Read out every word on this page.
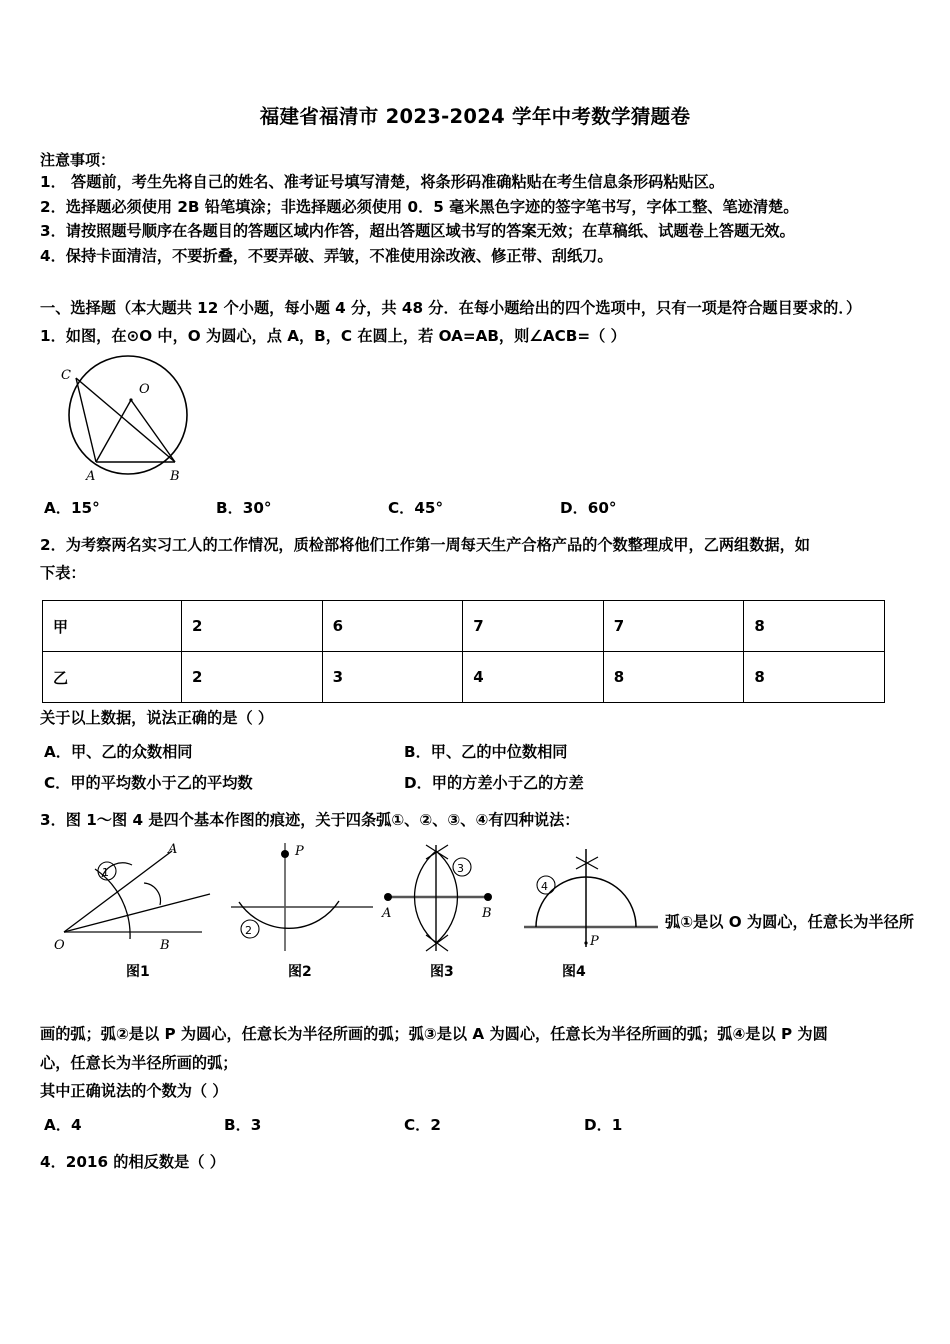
福建省福清市 2023-2024 学年中考数学猜题卷
注意事项：
1． 答题前，考生先将自己的姓名、准考证号填写清楚，将条形码准确粘贴在考生信息条形码粘贴区。
2．选择题必须使用 2B 铅笔填涂；非选择题必须使用 0．5 毫米黑色字迹的签字笔书写，字体工整、笔迹清楚。
3．请按照题号顺序在各题目的答题区域内作答，超出答题区域书写的答案无效；在草稿纸、试题卷上答题无效。
4．保持卡面清洁，不要折叠，不要弄破、弄皱，不准使用涂改液、修正带、刮纸刀。
一、选择题（本大题共 12 个小题，每小题 4 分，共 48 分．在每小题给出的四个选项中，只有一项是符合题目要求的．）
1．如图，在⊙O 中，O 为圆心，点 A，B，C 在圆上，若 OA=AB，则∠ACB=（ ）
C
O
A	B
A．15°	B．30°	C．45°	D．60°
2．为考察两名实习工人的工作情况，质检部将他们工作第一周每天生产合格产品的个数整理成甲，乙两组数据，如
下表：
甲	2	6	7	7	8
乙	2	3	4	8	8
关于以上数据，说法正确的是（ ）
A．甲、乙的众数相同	B．甲、乙的中位数相同
C．甲的平均数小于乙的平均数	D．甲的方差小于乙的方差
3．图 1～图 4 是四个基本作图的痕迹，关于四条弧①、②、③、④有四种说法：
1
O	B
A
图1
P
2
图2
3
A	B
图3
4
P
图4
弧①是以 O 为圆心，任意长为半径所
画的弧；弧②是以 P 为圆心，任意长为半径所画的弧；弧③是以 A 为圆心，任意长为半径所画的弧；弧④是以 P 为圆
心，任意长为半径所画的弧；
其中正确说法的个数为（ ）
A．4	B．3	C．2	D．1
4．2016 的相反数是（ ）
